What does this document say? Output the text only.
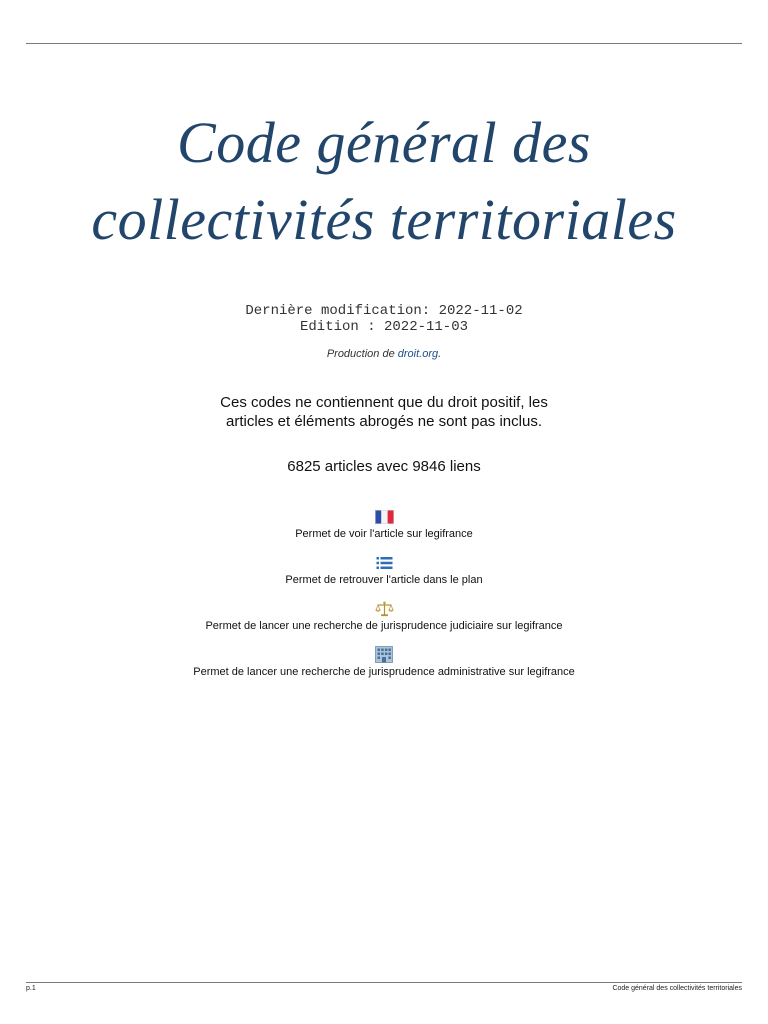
Code général des
collectivités territoriales
Dernière modification: 2022-11-02
Edition : 2022-11-03
Production de droit.org.
Ces codes ne contiennent que du droit positif, les
articles et éléments abrogés ne sont pas inclus.
6825 articles avec 9846 liens
Permet de voir l'article sur legifrance
Permet de retrouver l'article dans le plan
Permet de lancer une recherche de jurisprudence judiciaire sur legifrance
Permet de lancer une recherche de jurisprudence administrative sur legifrance
p.1	Code général des collectivités territoriales
